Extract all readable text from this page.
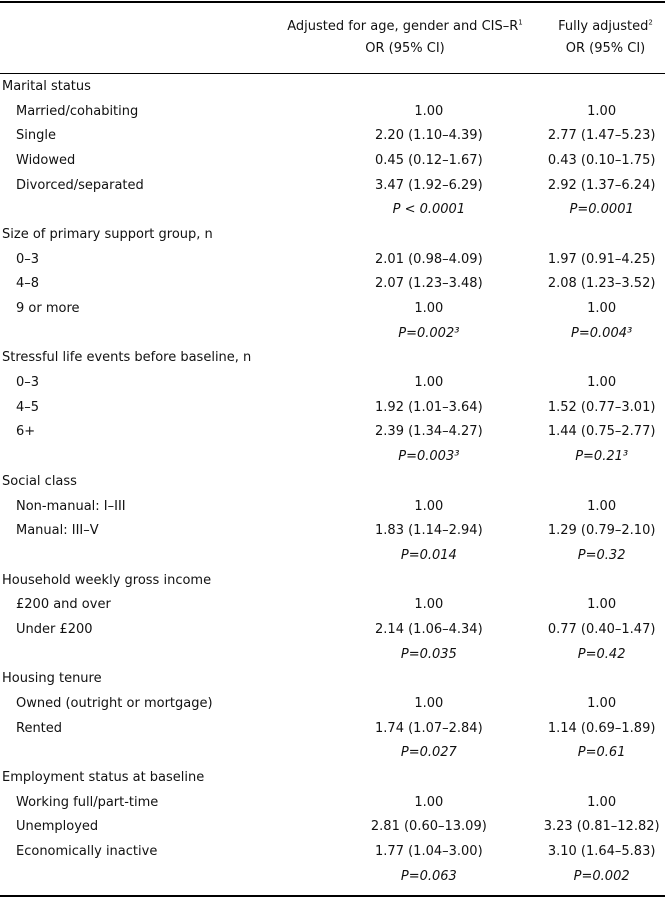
Adjusted for age, gender and CIS–$R^1$
OR (95% CI)
Fully adjusted$^2$
OR (95% CI)
Marital status		
Married/cohabiting	1.00	1.00
Single	2.20 (1.10–4.39)	2.77 (1.47–5.23)
Widowed	0.45 (0.12–1.67)	0.43 (0.10–1.75)
Divorced/separated	3.47 (1.92–6.29)	2.92 (1.37–6.24)
	P < 0.0001	P=0.0001
Size of primary support group, n		
0–3	2.01 (0.98–4.09)	1.97 (0.91–4.25)
4–8	2.07 (1.23–3.48)	2.08 (1.23–3.52)
9 or more	1.00	1.00
	P=0.002³	P=0.004³
Stressful life events before baseline, n		
0–3	1.00	1.00
4–5	1.92 (1.01–3.64)	1.52 (0.77–3.01)
6+	2.39 (1.34–4.27)	1.44 (0.75–2.77)
	P=0.003³	P=0.21³
Social class		
Non-manual: I–III	1.00	1.00
Manual: III–V	1.83 (1.14–2.94)	1.29 (0.79–2.10)
	P=0.014	P=0.32
Household weekly gross income		
£200 and over	1.00	1.00
Under £200	2.14 (1.06–4.34)	0.77 (0.40–1.47)
	P=0.035	P=0.42
Housing tenure		
Owned (outright or mortgage)	1.00	1.00
Rented	1.74 (1.07–2.84)	1.14 (0.69–1.89)
	P=0.027	P=0.61
Employment status at baseline		
Working full/part-time	1.00	1.00
Unemployed	2.81 (0.60–13.09)	3.23 (0.81–12.82)
Economically inactive	1.77 (1.04–3.00)	3.10 (1.64–5.83)
	P=0.063	P=0.002
